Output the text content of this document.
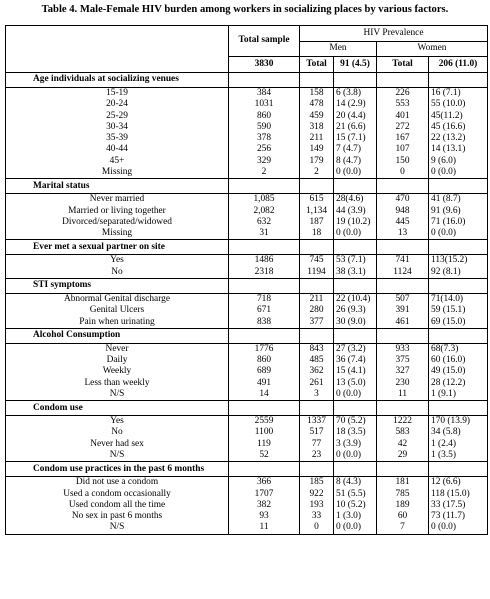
Table 4. Male-Female HIV burden among workers in socializing places by various factors.
	Total sample	HIV Prevalence			
		Men		Women	
	3830	Total	91 (4.5)	Total	206 (11.0)
Age individuals at socializing venues					
15-19	384	158	6 (3.8)	226	16 (7.1)
20-24	1031	478	14 (2.9)	553	55 (10.0)
25-29	860	459	20 (4.4)	401	45(11.2)
30-34	590	318	21 (6.6)	272	45 (16.6)
35-39	378	211	15 (7.1)	167	22 (13.2)
40-44	256	149	7 (4.7)	107	14 (13.1)
45+	329	179	8 (4.7)	150	9 (6.0)
Missing	2	2	0 (0.0)	0	0 (0.0)
Marital status					
Never married	1,085	615	28(4.6)	470	41 (8.7)
Married or living together	2,082	1,134	44 (3.9)	948	91 (9.6)
Divorced/separated/widowed	632	187	19 (10.2)	445	71 (16.0)
Missing	31	18	0 (0.0)	13	0 (0.0)
Ever met a sexual partner on site					
Yes	1486	745	53 (7.1)	741	113(15.2)
No	2318	1194	38 (3.1)	1124	92 (8.1)
STI symptoms					
Abnormal Genital discharge	718	211	22 (10.4)	507	71(14.0)
Genital Ulcers	671	280	26 (9.3)	391	59 (15.1)
Pain when urinating	838	377	30 (9.0)	461	69 (15.0)
Alcohol Consumption					
Never	1776	843	27 (3.2)	933	68(7.3)
Daily	860	485	36 (7.4)	375	60 (16.0)
Weekly	689	362	15 (4.1)	327	49 (15.0)
Less than weekly	491	261	13 (5.0)	230	28 (12.2)
N/S	14	3	0 (0.0)	11	1 (9.1)
Condom use					
Yes	2559	1337	70 (5.2)	1222	170 (13.9)
No	1100	517	18 (3.5)	583	34 (5.8)
Never had sex	119	77	3 (3.9)	42	1 (2.4)
N/S	52	23	0 (0.0)	29	1 (3.5)
Condom use practices in the past 6 months					
Did not use a condom	366	185	8 (4.3)	181	12 (6.6)
Used a condom occasionally	1707	922	51 (5.5)	785	118 (15.0)
Used condom all the time	382	193	10 (5.2)	189	33 (17.5)
No sex in past 6 months	93	33	1 (3.0)	60	73 (11.7)
N/S	11	0	0 (0.0)	7	0 (0.0)
